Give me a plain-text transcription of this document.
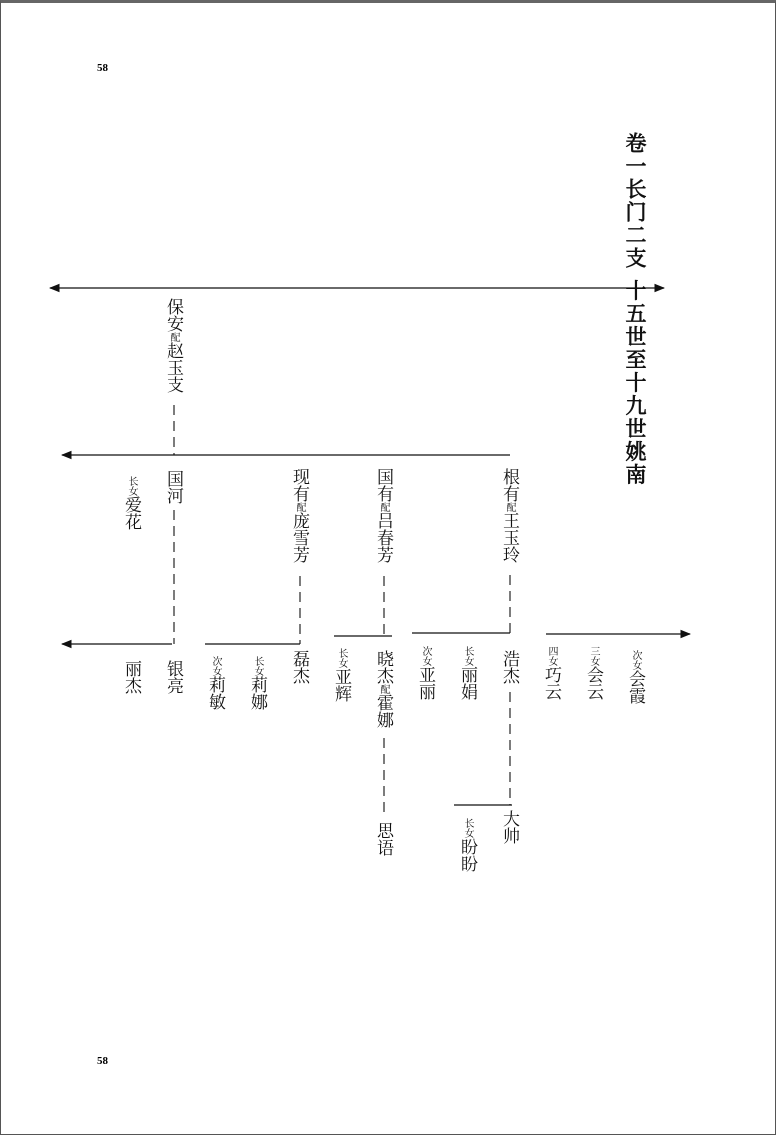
58
58
卷一长门二支 十五世至十九世姚南
保安配赵玉支
国河
长女爱花
现有配庞雪芳
国有配吕春芳
根有配王玉玲
丽杰 银亮	次女莉敏
长女莉娜
磊杰	长女亚辉
晓杰配霍娜
次女亚丽
长女丽娟 浩杰	四女巧云
三女会云
次女会霞
思语	大帅
长女盼盼
